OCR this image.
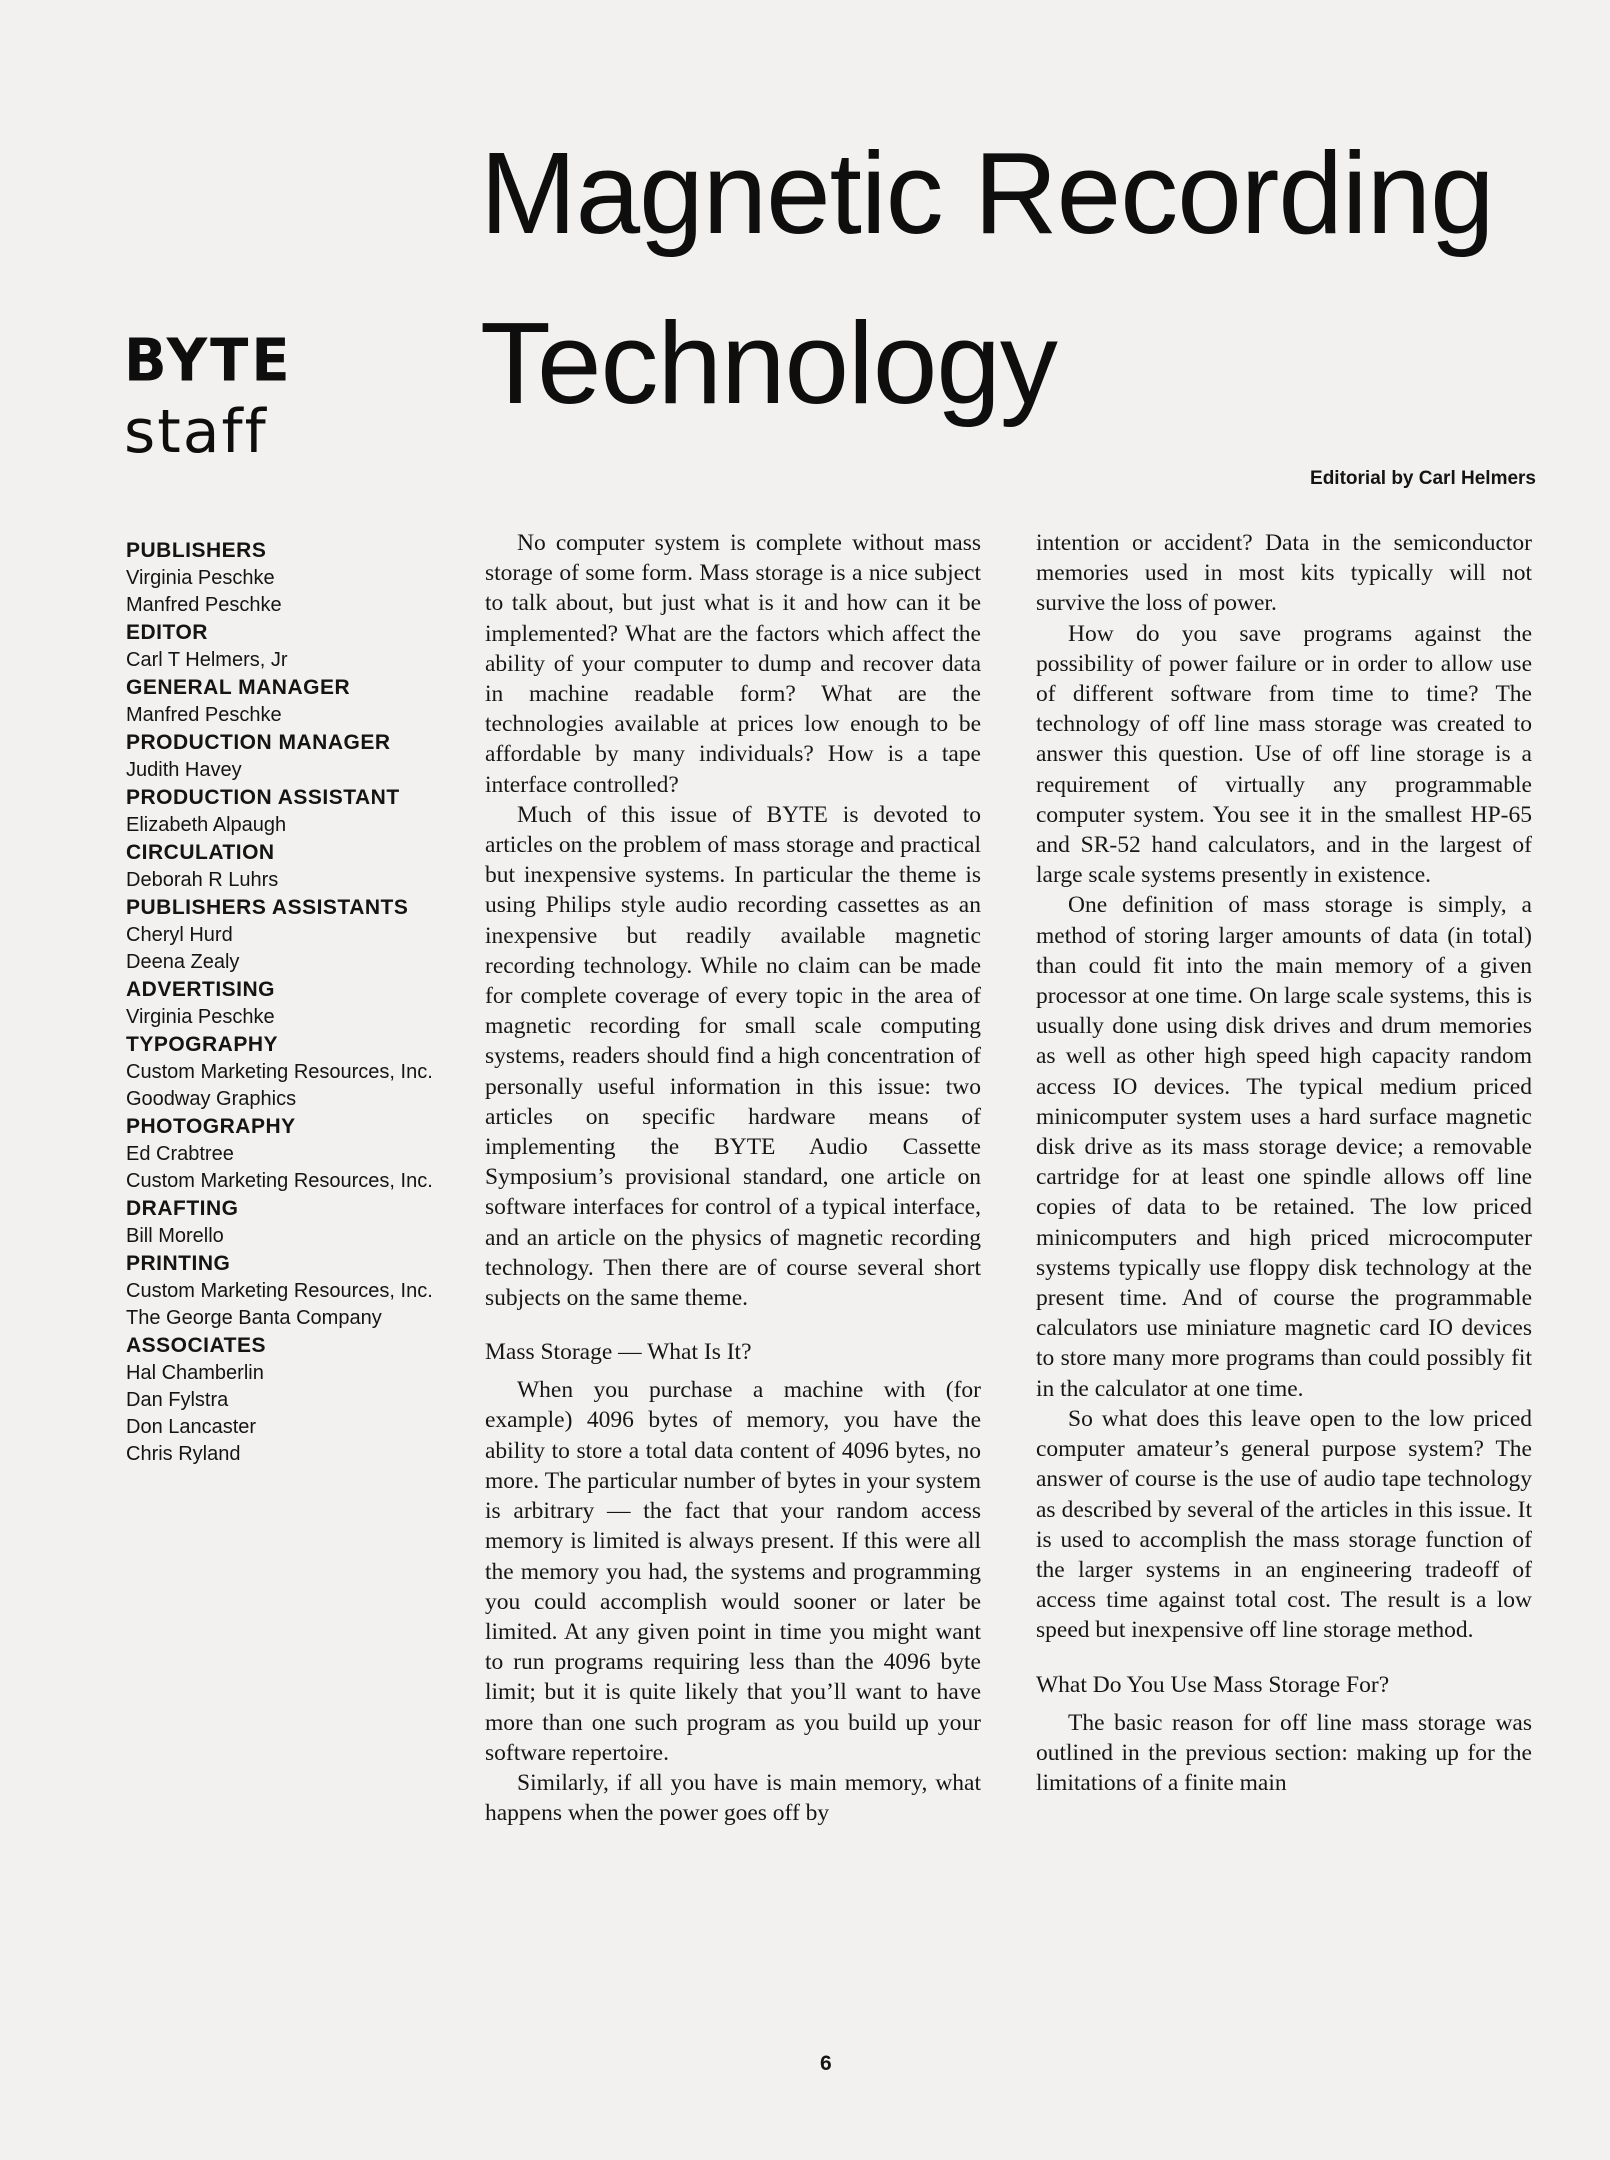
Magnetic Recording
Technology
BYTE
staff
Editorial by Carl Helmers
PUBLISHERS
Virginia Peschke
Manfred Peschke
EDITOR
Carl T Helmers, Jr
GENERAL MANAGER
Manfred Peschke
PRODUCTION MANAGER
Judith Havey
PRODUCTION ASSISTANT
Elizabeth Alpaugh
CIRCULATION
Deborah R Luhrs
PUBLISHERS ASSISTANTS
Cheryl Hurd
Deena Zealy
ADVERTISING
Virginia Peschke
TYPOGRAPHY
Custom Marketing Resources, Inc.
Goodway Graphics
PHOTOGRAPHY
Ed Crabtree
Custom Marketing Resources, Inc.
DRAFTING
Bill Morello
PRINTING
Custom Marketing Resources, Inc.
The George Banta Company
ASSOCIATES
Hal Chamberlin
Dan Fylstra
Don Lancaster
Chris Ryland

No computer system is complete without mass storage of some form. Mass storage is a nice subject to talk about, but just what is it and how can it be implemented? What are the factors which affect the ability of your computer to dump and recover data in machine readable form? What are the technologies available at prices low enough to be affordable by many individuals? How is a tape interface controlled?

Much of this issue of BYTE is devoted to articles on the problem of mass storage and practical but inexpensive systems. In particular the theme is using Philips style audio recording cassettes as an inexpensive but readily available magnetic recording technology. While no claim can be made for complete coverage of every topic in the area of magnetic recording for small scale computing systems, readers should find a high concentration of personally useful information in this issue: two articles on specific hardware means of implementing the BYTE Audio Cassette Symposium’s provisional standard, one article on software interfaces for control of a typical interface, and an article on the physics of magnetic recording technology. Then there are of course several short subjects on the same theme.

Mass Storage — What Is It?

When you purchase a machine with (for example) 4096 bytes of memory, you have the ability to store a total data content of 4096 bytes, no more. The particular number of bytes in your system is arbitrary — the fact that your random access memory is limited is always present. If this were all the memory you had, the systems and programming you could accomplish would sooner or later be limited. At any given point in time you might want to run programs requiring less than the 4096 byte limit; but it is quite likely that you’ll want to have more than one such program as you build up your software repertoire.

Similarly, if all you have is main memory, what happens when the power goes off by

intention or accident? Data in the semiconductor memories used in most kits typically will not survive the loss of power.

How do you save programs against the possibility of power failure or in order to allow use of different software from time to time? The technology of off line mass storage was created to answer this question. Use of off line storage is a requirement of virtually any programmable computer system. You see it in the smallest HP-65 and SR-52 hand calculators, and in the largest of large scale systems presently in existence.

One definition of mass storage is simply, a method of storing larger amounts of data (in total) than could fit into the main memory of a given processor at one time. On large scale systems, this is usually done using disk drives and drum memories as well as other high speed high capacity random access IO devices. The typical medium priced minicomputer system uses a hard surface magnetic disk drive as its mass storage device; a removable cartridge for at least one spindle allows off line copies of data to be retained. The low priced minicomputers and high priced microcomputer systems typically use floppy disk technology at the present time. And of course the programmable calculators use miniature magnetic card IO devices to store many more programs than could possibly fit in the calculator at one time.

So what does this leave open to the low priced computer amateur’s general purpose system? The answer of course is the use of audio tape technology as described by several of the articles in this issue. It is used to accomplish the mass storage function of the larger systems in an engineering tradeoff of access time against total cost. The result is a low speed but inexpensive off line storage method.

What Do You Use Mass Storage For?

The basic reason for off line mass storage was outlined in the previous section: making up for the limitations of a finite main

6
